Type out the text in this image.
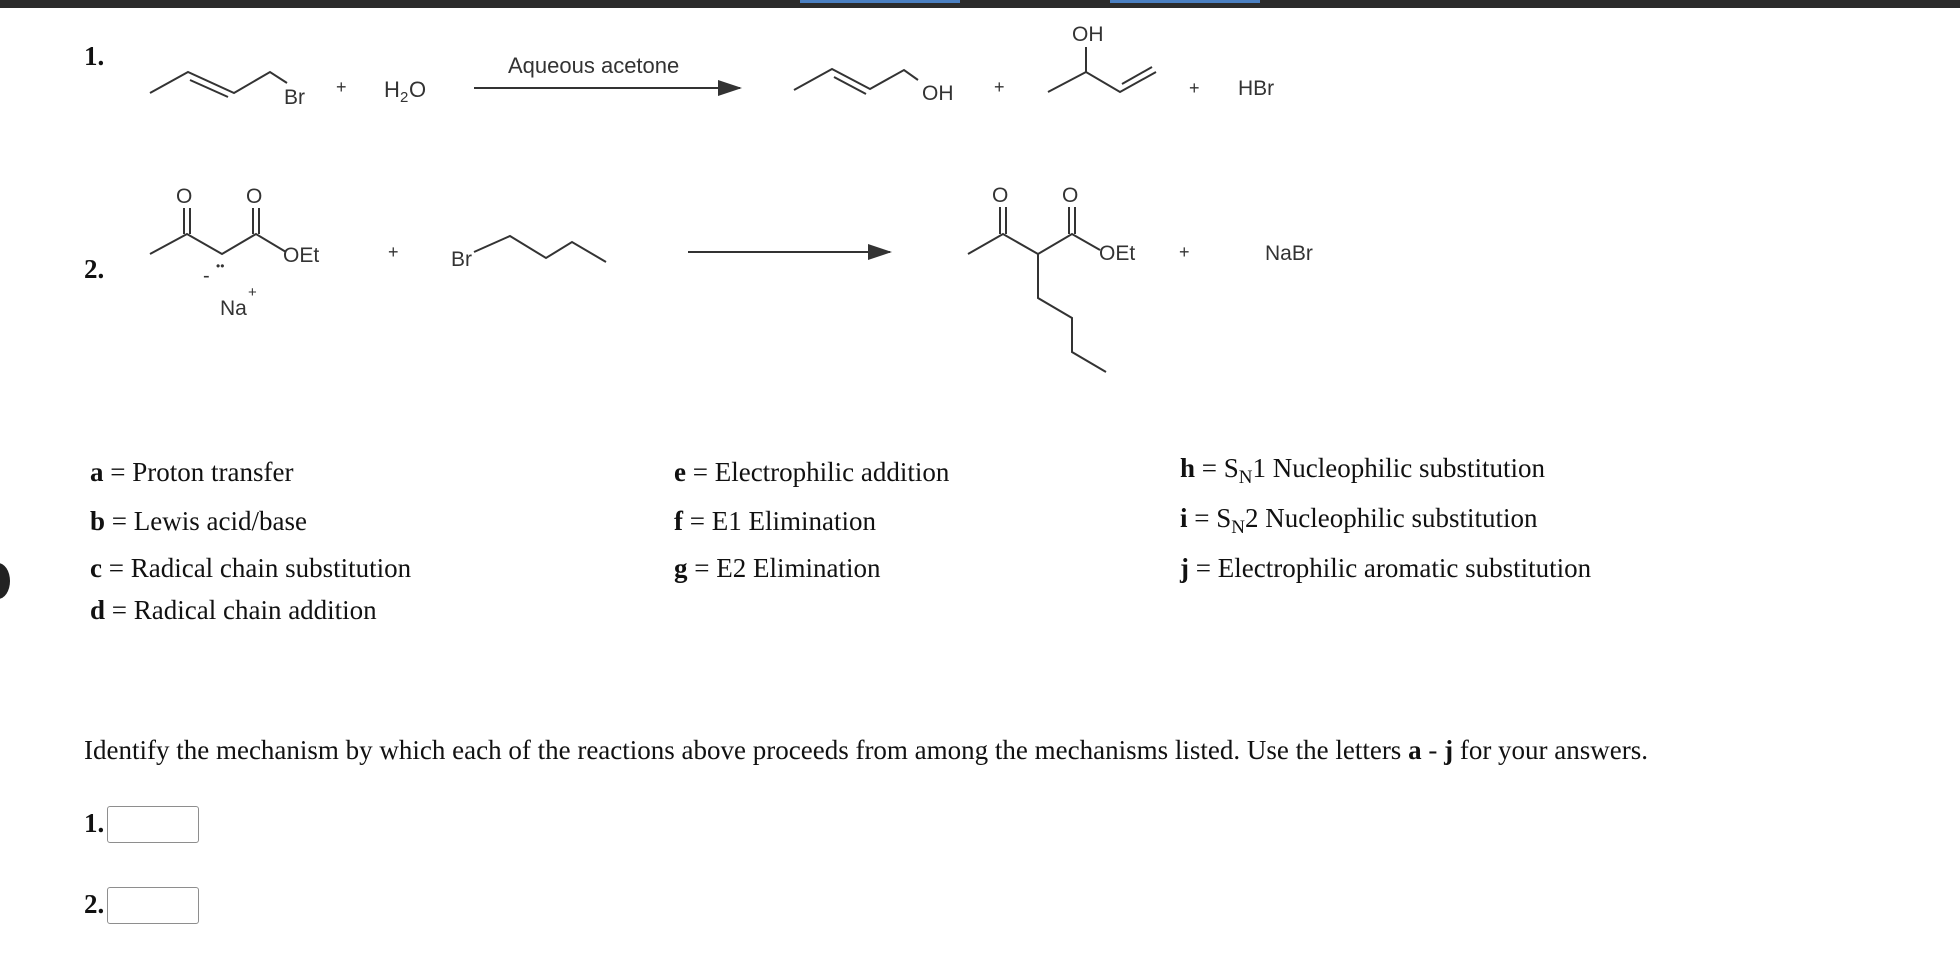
1.
2.
Br + H 2 O
Aqueous acetone
OH +
OH
+ HBr
O	O
••
-
OEt
Na
+
+ Br
O	O
OEt +	NaBr
a = Proton transfer
b = Lewis acid/base
c = Radical chain substitution
d = Radical chain addition
e = Electrophilic addition
f = E1 Elimination
g = E2 Elimination
$h = S_N1$ Nucleophilic substitution
$i = S_N2$ Nucleophilic substitution
j = Electrophilic aromatic substitution
Identify the mechanism by which each of the reactions above proceeds from among the mechanisms listed. Use the letters a - j for your answers.
1.
2.
